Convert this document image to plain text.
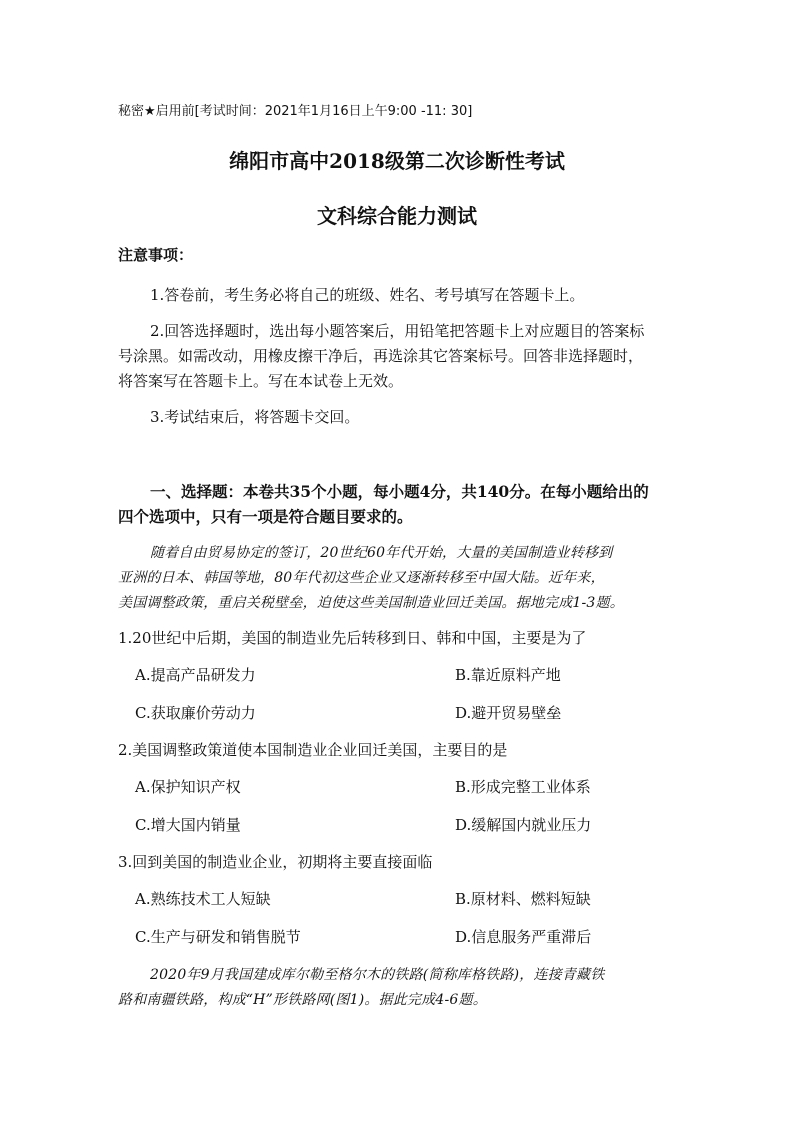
秘密★启用前[考试时间：2021年1月16日上午9:00 -11: 30]
绵阳市高中2018级第二次诊断性考试
文科综合能力测试
注意事项：
1.答卷前，考生务必将自己的班级、姓名、考号填写在答题卡上。
2.回答选择题时，选出每小题答案后，用铅笔把答题卡上对应题目的答案标
号涂黑。如需改动，用橡皮擦干净后，再选涂其它答案标号。回答非选择题时，
将答案写在答题卡上。写在本试卷上无效。
3.考试结束后，将答题卡交回。
一、选择题：本卷共35个小题，每小题4分，共140分。在每小题给出的
四个选项中，只有一项是符合题目要求的。
随着自由贸易协定的签订，20世纪60年代开始，大量的美国制造业转移到
亚洲的日本、韩国等地，80年代初这些企业又逐渐转移至中国大陆。近年来，
美国调整政策，重启关税壁垒，迫使这些美国制造业回迁美国。据地完成1-3题。
1.20世纪中后期，美国的制造业先后转移到日、韩和中国，主要是为了
A.提高产品研发力	B.靠近原料产地
C.获取廉价劳动力	D.避开贸易壁垒
2.美国调整政策道使本国制造业企业回迁美国，主要目的是
A.保护知识产权	B.形成完整工业体系
C.增大国内销量	D.缓解国内就业压力
3.回到美国的制造业企业，初期将主要直接面临
A.熟练技术工人短缺	B.原材料、燃料短缺
C.生产与研发和销售脱节	D.信息服务严重滞后
2020年9月我国建成库尔勒至格尔木的铁路(简称库格铁路)，连接青藏铁
路和南疆铁路，构成“H”形铁路网(图1)。据此完成4-6题。
